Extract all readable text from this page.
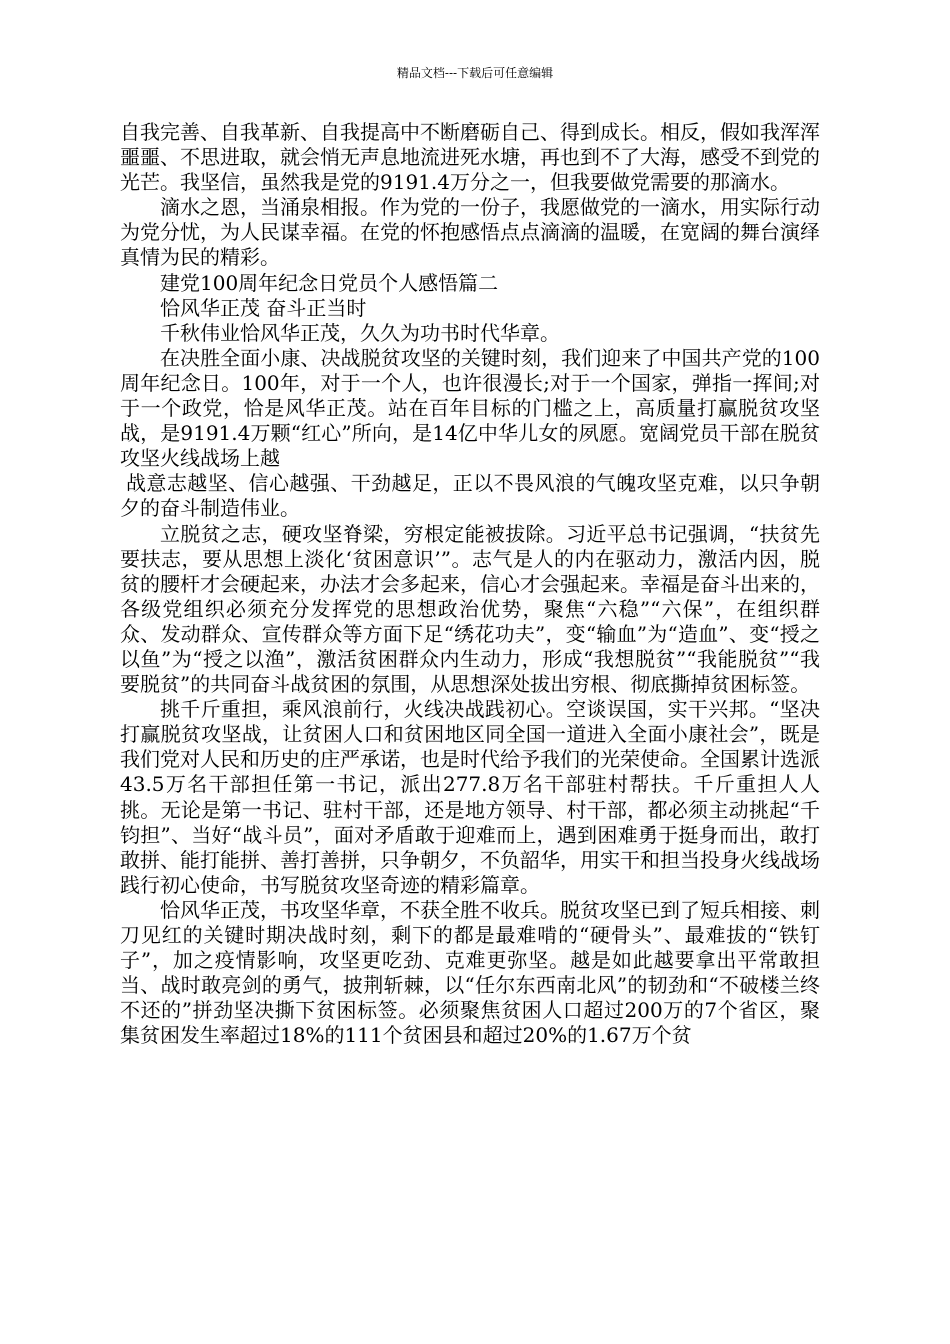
精品文档---下载后可任意编辑

自我完善、自我革新、自我提高中不断磨砺自己、得到成长。相反，假如我浑浑噩噩、不思进取，就会悄无声息地流进死水塘，再也到不了大海，感受不到党的光芒。我坚信，虽然我是党的9191.4万分之一，但我要做党需要的那滴水。

滴水之恩，当涌泉相报。作为党的一份子，我愿做党的一滴水，用实际行动为党分忧，为人民谋幸福。在党的怀抱感悟点点滴滴的温暖，在宽阔的舞台演绎真情为民的精彩。

建党100周年纪念日党员个人感悟篇二

恰风华正茂 奋斗正当时

千秋伟业恰风华正茂，久久为功书时代华章。

在决胜全面小康、决战脱贫攻坚的关键时刻，我们迎来了中国共产党的100周年纪念日。100年，对于一个人，也许很漫长;对于一个国家，弹指一挥间;对于一个政党，恰是风华正茂。站在百年目标的门槛之上，高质量打赢脱贫攻坚战，是9191.4万颗“红心”所向，是14亿中华儿女的夙愿。宽阔党员干部在脱贫攻坚火线战场上越

战意志越坚、信心越强、干劲越足，正以不畏风浪的气魄攻坚克难，以只争朝夕的奋斗制造伟业。

立脱贫之志，硬攻坚脊梁，穷根定能被拔除。习近平总书记强调，“扶贫先要扶志，要从思想上淡化‘贫困意识’”。志气是人的内在驱动力，激活内因，脱贫的腰杆才会硬起来，办法才会多起来，信心才会强起来。幸福是奋斗出来的，各级党组织必须充分发挥党的思想政治优势，聚焦“六稳”“六保”，在组织群众、发动群众、宣传群众等方面下足“绣花功夫”，变“输血”为“造血”、变“授之以鱼”为“授之以渔”，激活贫困群众内生动力，形成“我想脱贫”“我能脱贫”“我要脱贫”的共同奋斗战贫困的氛围，从思想深处拔出穷根、彻底撕掉贫困标签。

挑千斤重担，乘风浪前行，火线决战践初心。空谈误国，实干兴邦。“坚决打赢脱贫攻坚战，让贫困人口和贫困地区同全国一道进入全面小康社会”，既是我们党对人民和历史的庄严承诺，也是时代给予我们的光荣使命。全国累计选派43.5万名干部担任第一书记，派出277.8万名干部驻村帮扶。千斤重担人人挑。无论是第一书记、驻村干部，还是地方领导、村干部，都必须主动挑起“千钧担”、当好“战斗员”，面对矛盾敢于迎难而上，遇到困难勇于挺身而出，敢打敢拼、能打能拼、善打善拼，只争朝夕，不负韶华，用实干和担当投身火线战场践行初心使命，书写脱贫攻坚奇迹的精彩篇章。

恰风华正茂，书攻坚华章，不获全胜不收兵。脱贫攻坚已到了短兵相接、刺刀见红的关键时期决战时刻，剩下的都是最难啃的“硬骨头”、最难拔的“铁钉子”，加之疫情影响，攻坚更吃劲、克难更弥坚。越是如此越要拿出平常敢担当、战时敢亮剑的勇气，披荆斩棘，以“任尔东西南北风”的韧劲和“不破楼兰终不还的”拼劲坚决撕下贫困标签。必须聚焦贫困人口超过200万的7个省区，聚集贫困发生率超过18%的111个贫困县和超过20%的1.67万个贫
